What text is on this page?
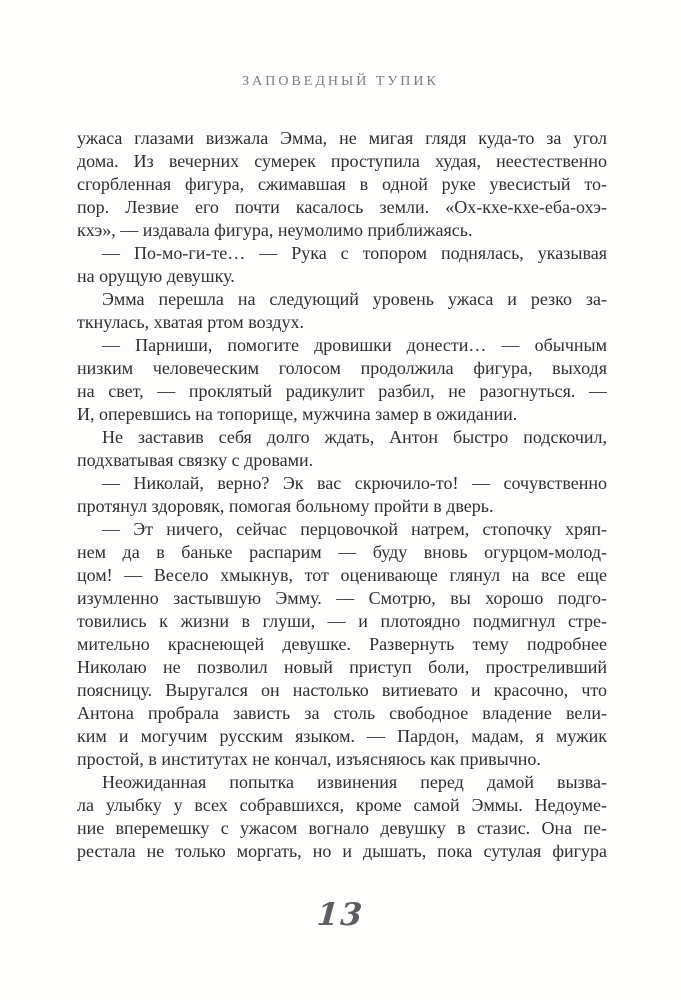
ЗАПОВЕДНЫЙ ТУПИК
ужаса глазами визжала Эмма, не мигая глядя куда-то за угол
дома. Из вечерних сумерек проступила худая, неестественно
сгорбленная фигура, сжимавшая в одной руке увесистый то-
пор. Лезвие его почти касалось земли. «Ох-кхе-кхе-еба-охэ-
кхэ», — издавала фигура, неумолимо приближаясь.
— По-мо-ги-те… — Рука с топором поднялась, указывая
на орущую девушку.
Эмма перешла на следующий уровень ужаса и резко за-
ткнулась, хватая ртом воздух.
— Парниши, помогите дровишки донести… — обычным
низким человеческим голосом продолжила фигура, выходя
на свет, — проклятый радикулит разбил, не разогнуться. —
И, оперевшись на топорище, мужчина замер в ожидании.
Не заставив себя долго ждать, Антон быстро подскочил,
подхватывая связку с дровами.
— Николай, верно? Эк вас скрючило-то! — сочувственно
протянул здоровяк, помогая больному пройти в дверь.
— Эт ничего, сейчас перцовочкой натрем, стопочку хряп-
нем да в баньке распарим — буду вновь огурцом-молод-
цом! — Весело хмыкнув, тот оценивающе глянул на все еще
изумленно застывшую Эмму. — Смотрю, вы хорошо подго-
товились к жизни в глуши, — и плотоядно подмигнул стре-
мительно краснеющей девушке. Развернуть тему подробнее
Николаю не позволил новый приступ боли, простреливший
поясницу. Выругался он настолько витиевато и красочно, что
Антона пробрала зависть за столь свободное владение вели-
ким и могучим русским языком. — Пардон, мадам, я мужик
простой, в институтах не кончал, изъясняюсь как привычно.
Неожиданная попытка извинения перед дамой вызва-
ла улыбку у всех собравшихся, кроме самой Эммы. Недоуме-
ние вперемешку с ужасом вогнало девушку в стазис. Она пе-
рестала не только моргать, но и дышать, пока сутулая фигура
13
